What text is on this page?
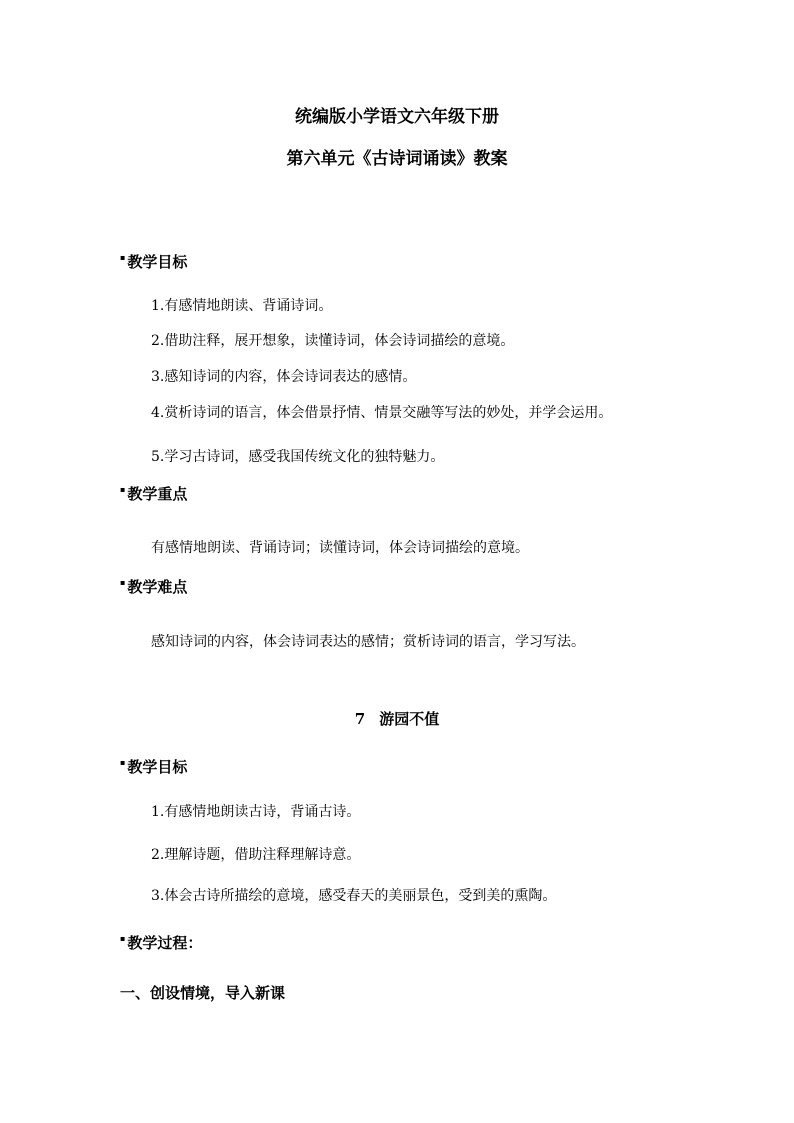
统编版小学语文六年级下册
第六单元《古诗词诵读》教案
▪ 教学目标
1.有感情地朗读、背诵诗词。
2.借助注释，展开想象，读懂诗词，体会诗词描绘的意境。
3.感知诗词的内容，体会诗词表达的感情。
4.赏析诗词的语言，体会借景抒情、情景交融等写法的妙处，并学会运用。
5.学习古诗词，感受我国传统文化的独特魅力。
▪ 教学重点
有感情地朗读、背诵诗词；读懂诗词，体会诗词描绘的意境。
▪ 教学难点
感知诗词的内容，体会诗词表达的感情；赏析诗词的语言，学习写法。
7 游园不值
▪ 教学目标
1.有感情地朗读古诗，背诵古诗。
2.理解诗题，借助注释理解诗意。
3.体会古诗所描绘的意境，感受春天的美丽景色，受到美的熏陶。
▪ 教学过程：
一、创设情境，导入新课
